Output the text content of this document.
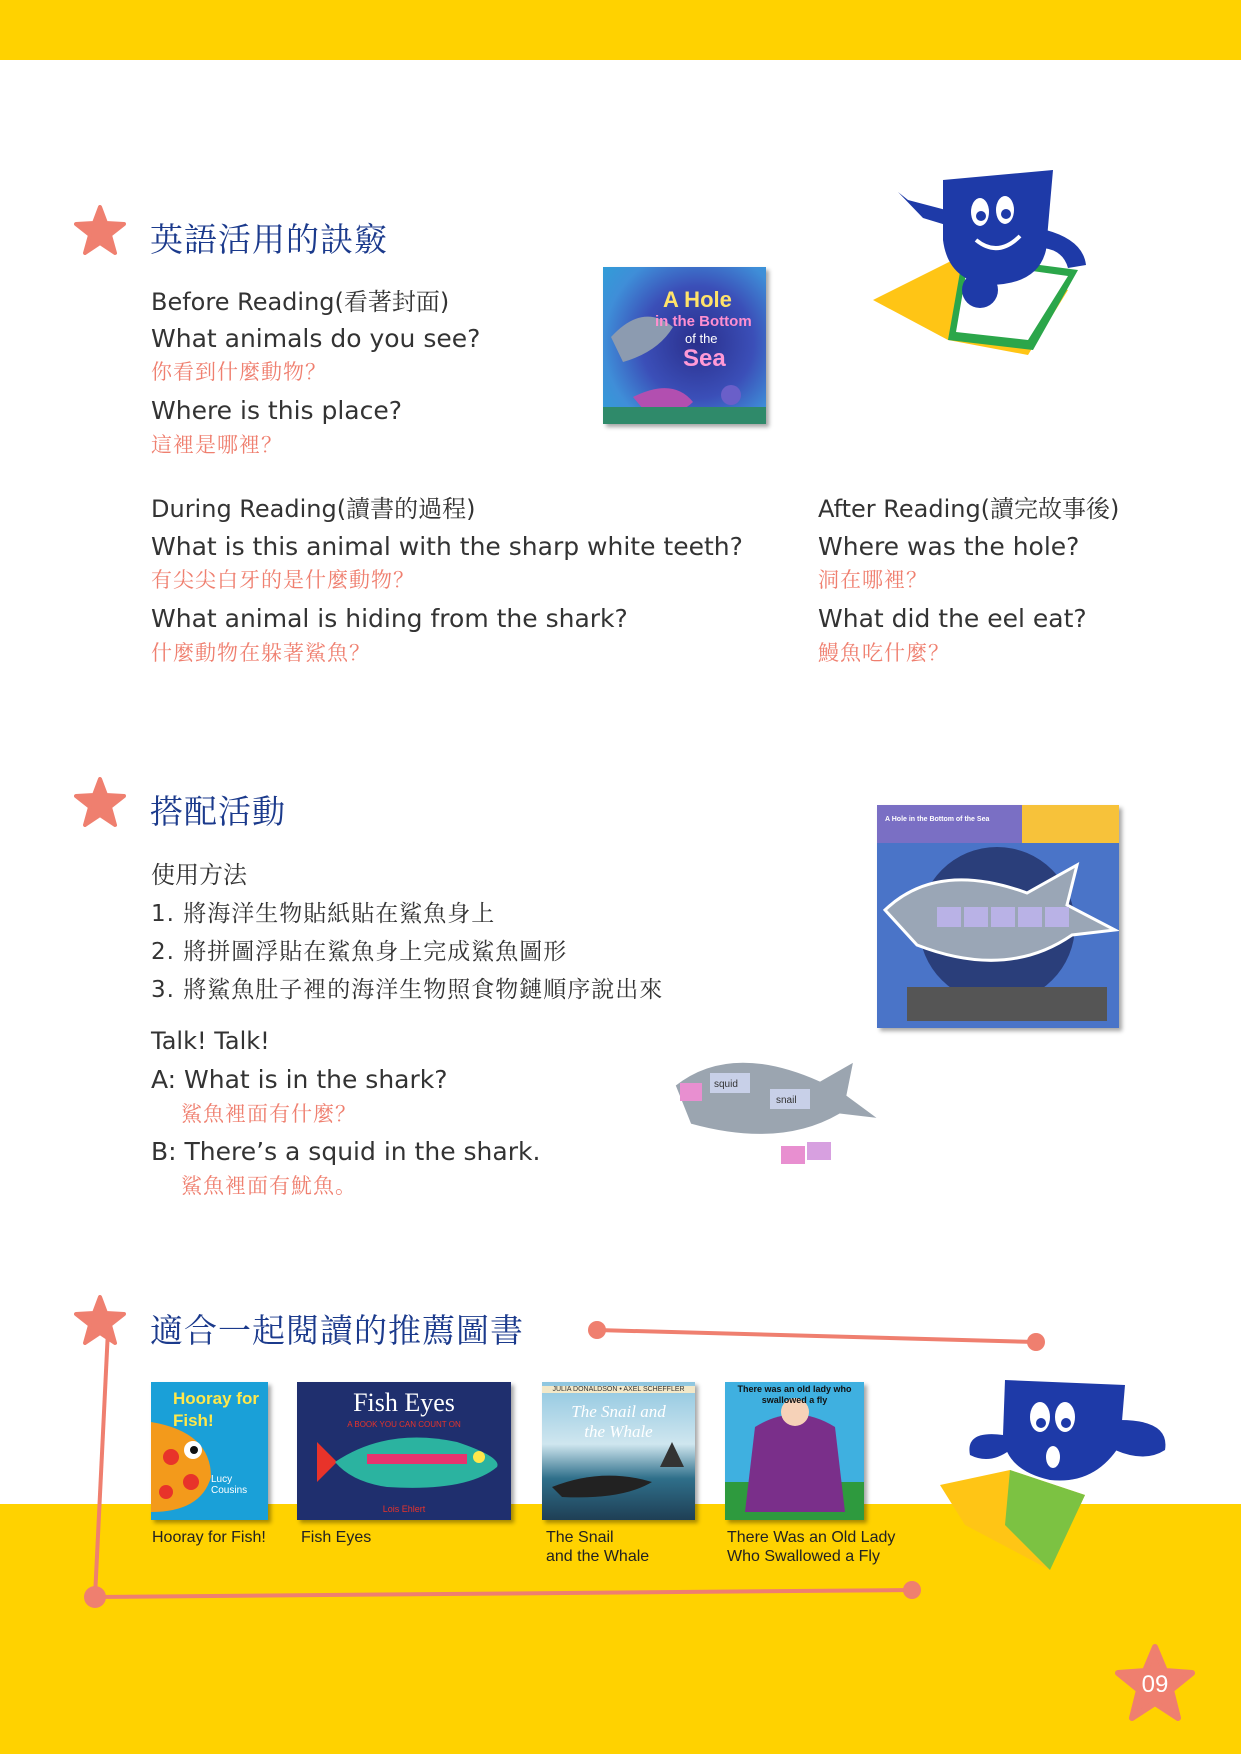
英語活用的訣竅
Before Reading(看著封面)
What animals do you see?
你看到什麼動物？
Where is this place?
這裡是哪裡？
A Hole
in the Bottom
of the
Sea
During Reading(讀書的過程)
What is this animal with the sharp white teeth?
有尖尖白牙的是什麼動物？
What animal is hiding from the shark?
什麼動物在躲著鯊魚？
After Reading(讀完故事後)
Where was the hole?
洞在哪裡？
What did the eel eat?
鰻魚吃什麼？
搭配活動
使用方法
1. 將海洋生物貼紙貼在鯊魚身上
2. 將拼圖浮貼在鯊魚身上完成鯊魚圖形
3. 將鯊魚肚子裡的海洋生物照食物鏈順序說出來
Talk! Talk!
A: What is in the shark?
鯊魚裡面有什麼？
B: There’s a squid in the shark.
鯊魚裡面有魷魚。
A Hole in the Bottom of the Sea
squid
snail
適合一起閱讀的推薦圖書
Hooray for Fish!
Lucy Cousins
Hooray for Fish!
Fish Eyes
A BOOK YOU CAN COUNT ON
Lois Ehlert
Fish Eyes
JULIA DONALDSON • AXEL SCHEFFLER
The Snail and the Whale
The Snail
and the Whale
There was an old lady who swallowed a fly
There Was an Old Lady
Who Swallowed a Fly
09
